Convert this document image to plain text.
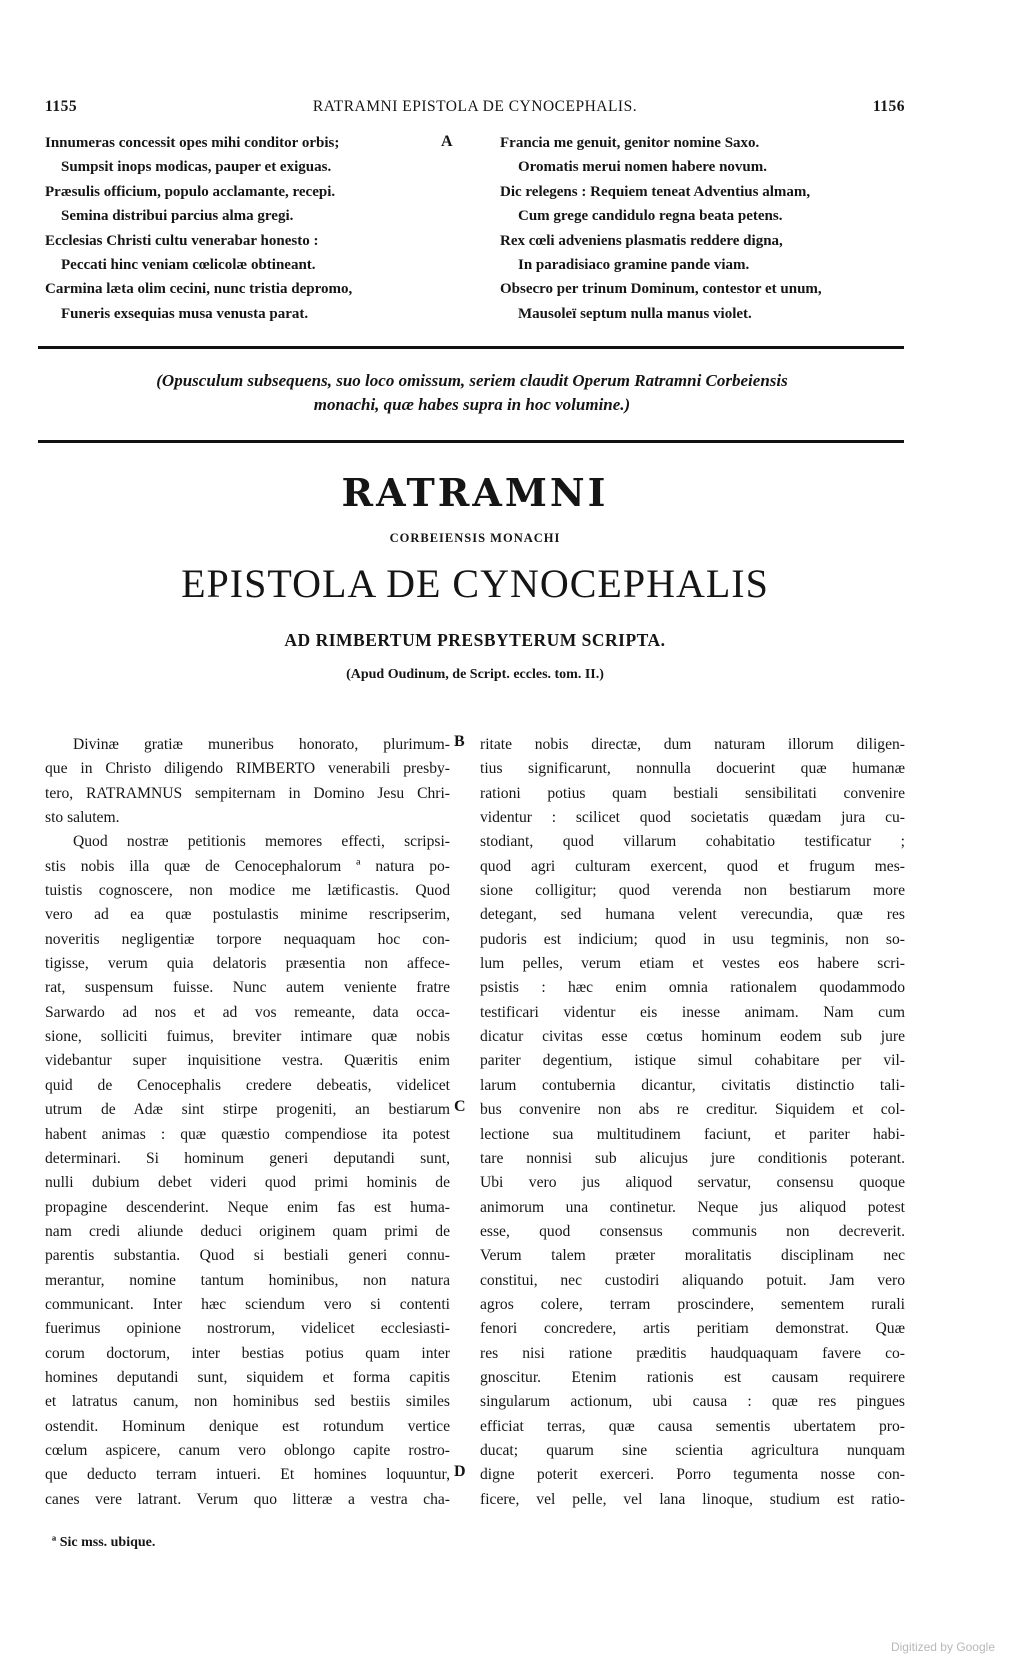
1155	RATRAMNI EPISTOLA DE CYNOCEPHALIS.	1156
Innumeras concessit opes mihi conditor orbis;
Sumpsit inops modicas, pauper et exiguas.
Præsulis officium, populo acclamante, recepi.
Semina distribui parcius alma gregi.
Ecclesias Christi cultu venerabar honesto :
Peccati hinc veniam cœlicolæ obtineant.
Carmina læta olim cecini, nunc tristia depromo,
Funeris exsequias musa venusta parat.
Francia me genuit, genitor nomine Saxo.
Oromatis merui nomen habere novum.
Dic relegens : Requiem teneat Adventius almam,
Cum grege candidulo regna beata petens.
Rex cœli adveniens plasmatis reddere digna,
In paradisiaco gramine pande viam.
Obsecro per trinum Dominum, contestor et unum,
Mausoleï septum nulla manus violet.
A
(Opusculum subsequens, suo loco omissum, seriem claudit Operum Ratramni Corbeiensis
monachi, quæ habes supra in hoc volumine.)
RATRAMNI
CORBEIENSIS MONACHI
EPISTOLA DE CYNOCEPHALIS
AD RIMBERTUM PRESBYTERUM SCRIPTA.
(Apud Oudinum, de Script. eccles. tom. II.)
Divinæ gratiæ muneribus honorato, plurimum-
que in Christo diligendo RIMBERTO venerabili presby-
tero, RATRAMNUS sempiternam in Domino Jesu Chri-
sto salutem.
Quod nostræ petitionis memores effecti, scripsi-
stis nobis illa quæ de Cenocephalorum ª natura po-
tuistis cognoscere, non modice me lætificastis. Quod
vero ad ea quæ postulastis minime rescripserim,
noveritis negligentiæ torpore nequaquam hoc con-
tigisse, verum quia delatoris præsentia non affece-
rat, suspensum fuisse. Nunc autem veniente fratre
Sarwardo ad nos et ad vos remeante, data occa-
sione, solliciti fuimus, breviter intimare quæ nobis
videbantur super inquisitione vestra. Quæritis enim
quid de Cenocephalis credere debeatis, videlicet
utrum de Adæ sint stirpe progeniti, an bestiarum
habent animas : quæ quæstio compendiose ita potest
determinari. Si hominum generi deputandi sunt,
nulli dubium debet videri quod primi hominis de
propagine descenderint. Neque enim fas est huma-
nam credi aliunde deduci originem quam primi de
parentis substantia. Quod si bestiali generi connu-
merantur, nomine tantum hominibus, non natura
communicant. Inter hæc sciendum vero si contenti
fuerimus opinione nostrorum, videlicet ecclesiasti-
corum doctorum, inter bestias potius quam inter
homines deputandi sunt, siquidem et forma capitis
et latratus canum, non hominibus sed bestiis similes
ostendit. Hominum denique est rotundum vertice
cœlum aspicere, canum vero oblongo capite rostro-
que deducto terram intueri. Et homines loquuntur,
canes vere latrant. Verum quo litteræ a vestra cha-
B
C
D
ritate nobis directæ, dum naturam illorum diligen-
tius significarunt, nonnulla docuerint quæ humanæ
rationi potius quam bestiali sensibilitati convenire
videntur : scilicet quod societatis quædam jura cu-
stodiant, quod villarum cohabitatio testificatur ;
quod agri culturam exercent, quod et frugum mes-
sione colligitur; quod verenda non bestiarum more
detegant, sed humana velent verecundia, quæ res
pudoris est indicium; quod in usu tegminis, non so-
lum pelles, verum etiam et vestes eos habere scri-
psistis : hæc enim omnia rationalem quodammodo
testificari videntur eis inesse animam. Nam cum
dicatur civitas esse cœtus hominum eodem sub jure
pariter degentium, istique simul cohabitare per vil-
larum contubernia dicantur, civitatis distinctio tali-
bus convenire non abs re creditur. Siquidem et col-
lectione sua multitudinem faciunt, et pariter habi-
tare nonnisi sub alicujus jure conditionis poterant.
Ubi vero jus aliquod servatur, consensu quoque
animorum una continetur. Neque jus aliquod potest
esse, quod consensus communis non decreverit.
Verum talem præter moralitatis disciplinam nec
constitui, nec custodiri aliquando potuit. Jam vero
agros colere, terram proscindere, sementem rurali
fenori concredere, artis peritiam demonstrat. Quæ
res nisi ratione præditis haudquaquam favere co-
gnoscitur. Etenim rationis est causam requirere
singularum actionum, ubi causa : quæ res pingues
efficiat terras, quæ causa sementis ubertatem pro-
ducat; quarum sine scientia agricultura nunquam
digne poterit exerceri. Porro tegumenta nosse con-
ficere, vel pelle, vel lana linoque, studium est ratio-
ª Sic mss. ubique.
Digitized by Google
